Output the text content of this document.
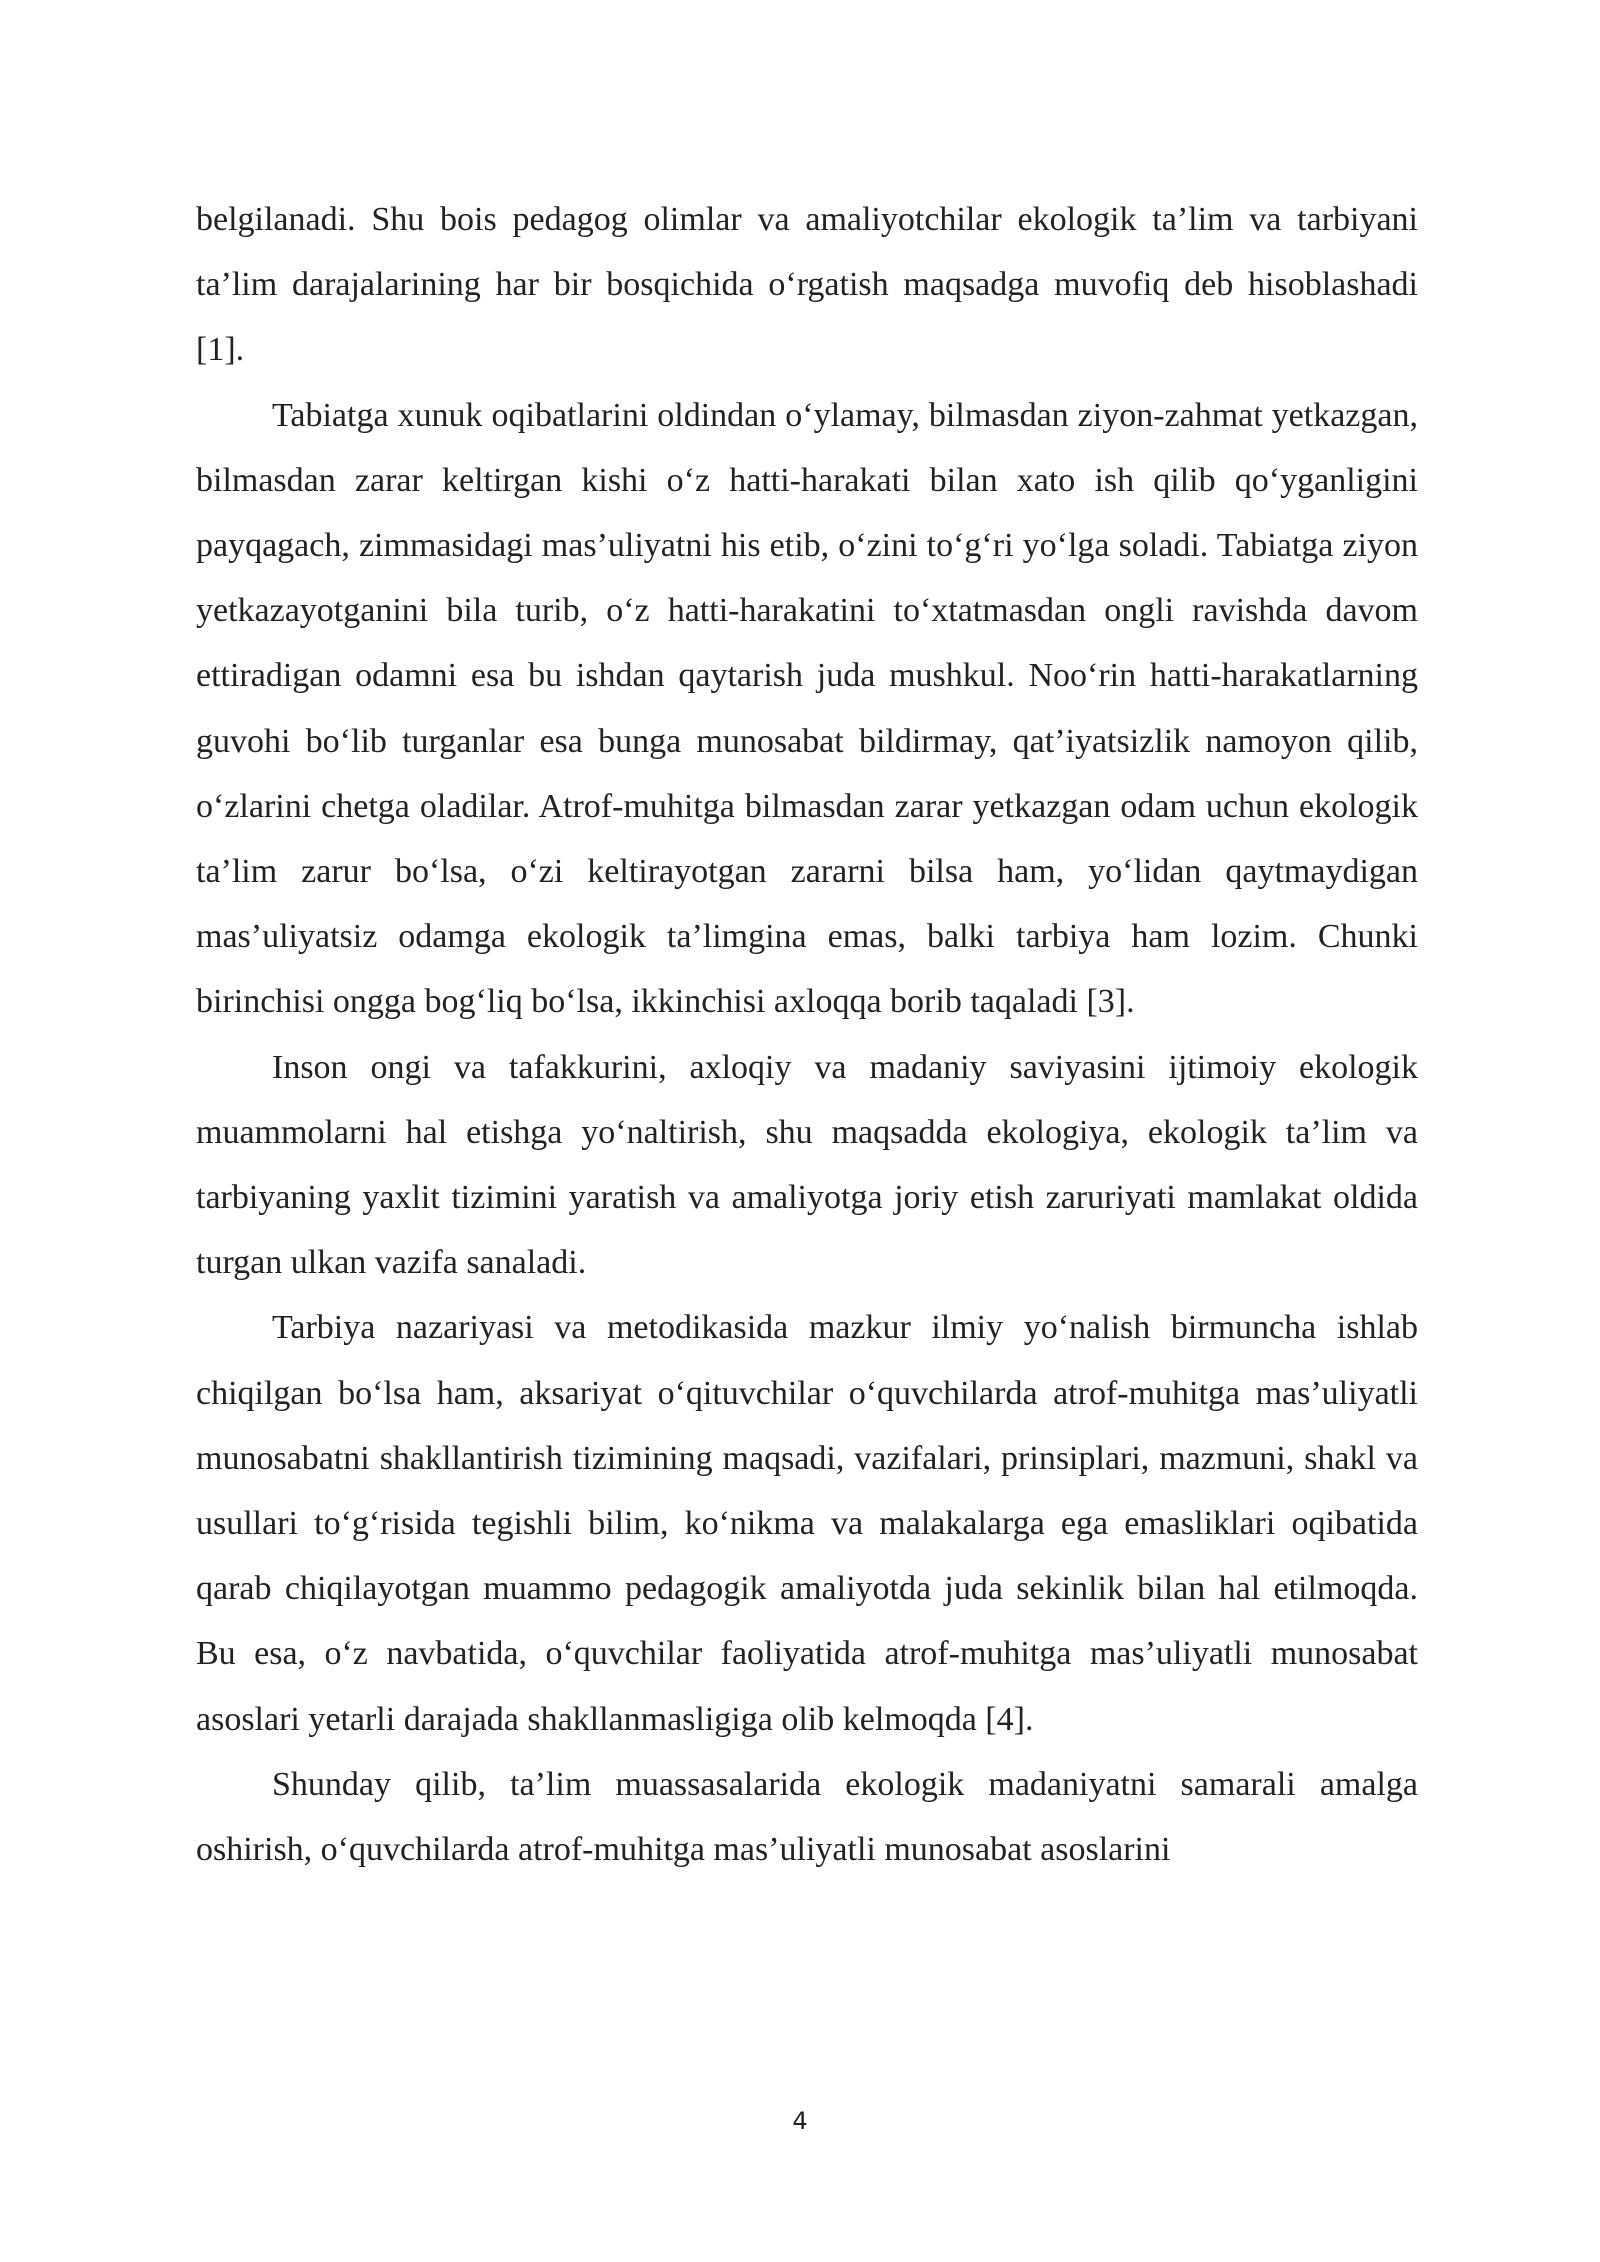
belgilanadi. Shu bois pedagog olimlar va amaliyotchilar ekologik ta’lim va tarbiyani ta’lim darajalarining har bir bosqichida o‘rgatish maqsadga muvofiq deb hisoblashadi [1].

Tabiatga xunuk oqibatlarini oldindan o‘ylamay, bilmasdan ziyon-zahmat yetkazgan, bilmasdan zarar keltirgan kishi o‘z hatti-harakati bilan xato ish qilib qo‘yganligini payqagach, zimmasidagi mas’uliyatni his etib, o‘zini to‘g‘ri yo‘lga soladi. Tabiatga ziyon yetkazayotganini bila turib, o‘z hatti-harakatini to‘xtatmasdan ongli ravishda davom ettiradigan odamni esa bu ishdan qaytarish juda mushkul. Noo‘rin hatti-harakatlarning guvohi bo‘lib turganlar esa bunga munosabat bildirmay, qat’iyatsizlik namoyon qilib, o‘zlarini chetga oladilar. Atrof-muhitga bilmasdan zarar yetkazgan odam uchun ekologik ta’lim zarur bo‘lsa, o‘zi keltirayotgan zararni bilsa ham, yo‘lidan qaytmaydigan mas’uliyatsiz odamga ekologik ta’limgina emas, balki tarbiya ham lozim. Chunki birinchisi ongga bog‘liq bo‘lsa, ikkinchisi axloqqa borib taqaladi [3].

Inson ongi va tafakkurini, axloqiy va madaniy saviyasini ijtimoiy ekologik muammolarni hal etishga yo‘naltirish, shu maqsadda ekologiya, ekologik ta’lim va tarbiyaning yaxlit tizimini yaratish va amaliyotga joriy etish zaruriyati mamlakat oldida turgan ulkan vazifa sanaladi.

Tarbiya nazariyasi va metodikasida mazkur ilmiy yo‘nalish birmuncha ishlab chiqilgan bo‘lsa ham, aksariyat o‘qituvchilar o‘quvchilarda atrof-muhitga mas’uliyatli munosabatni shakllantirish tizimining maqsadi, vazifalari, prinsiplari, mazmuni, shakl va usullari to‘g‘risida tegishli bilim, ko‘nikma va malakalarga ega emasliklari oqibatida qarab chiqilayotgan muammo pedagogik amaliyotda juda sekinlik bilan hal etilmoqda. Bu esa, o‘z navbatida, o‘quvchilar faoliyatida atrof-muhitga mas’uliyatli munosabat asoslari yetarli darajada shakllanmasligiga olib kelmoqda [4].

Shunday qilib, ta’lim muassasalarida ekologik madaniyatni samarali amalga oshirish, o‘quvchilarda atrof-muhitga mas’uliyatli munosabat asoslarini

4
